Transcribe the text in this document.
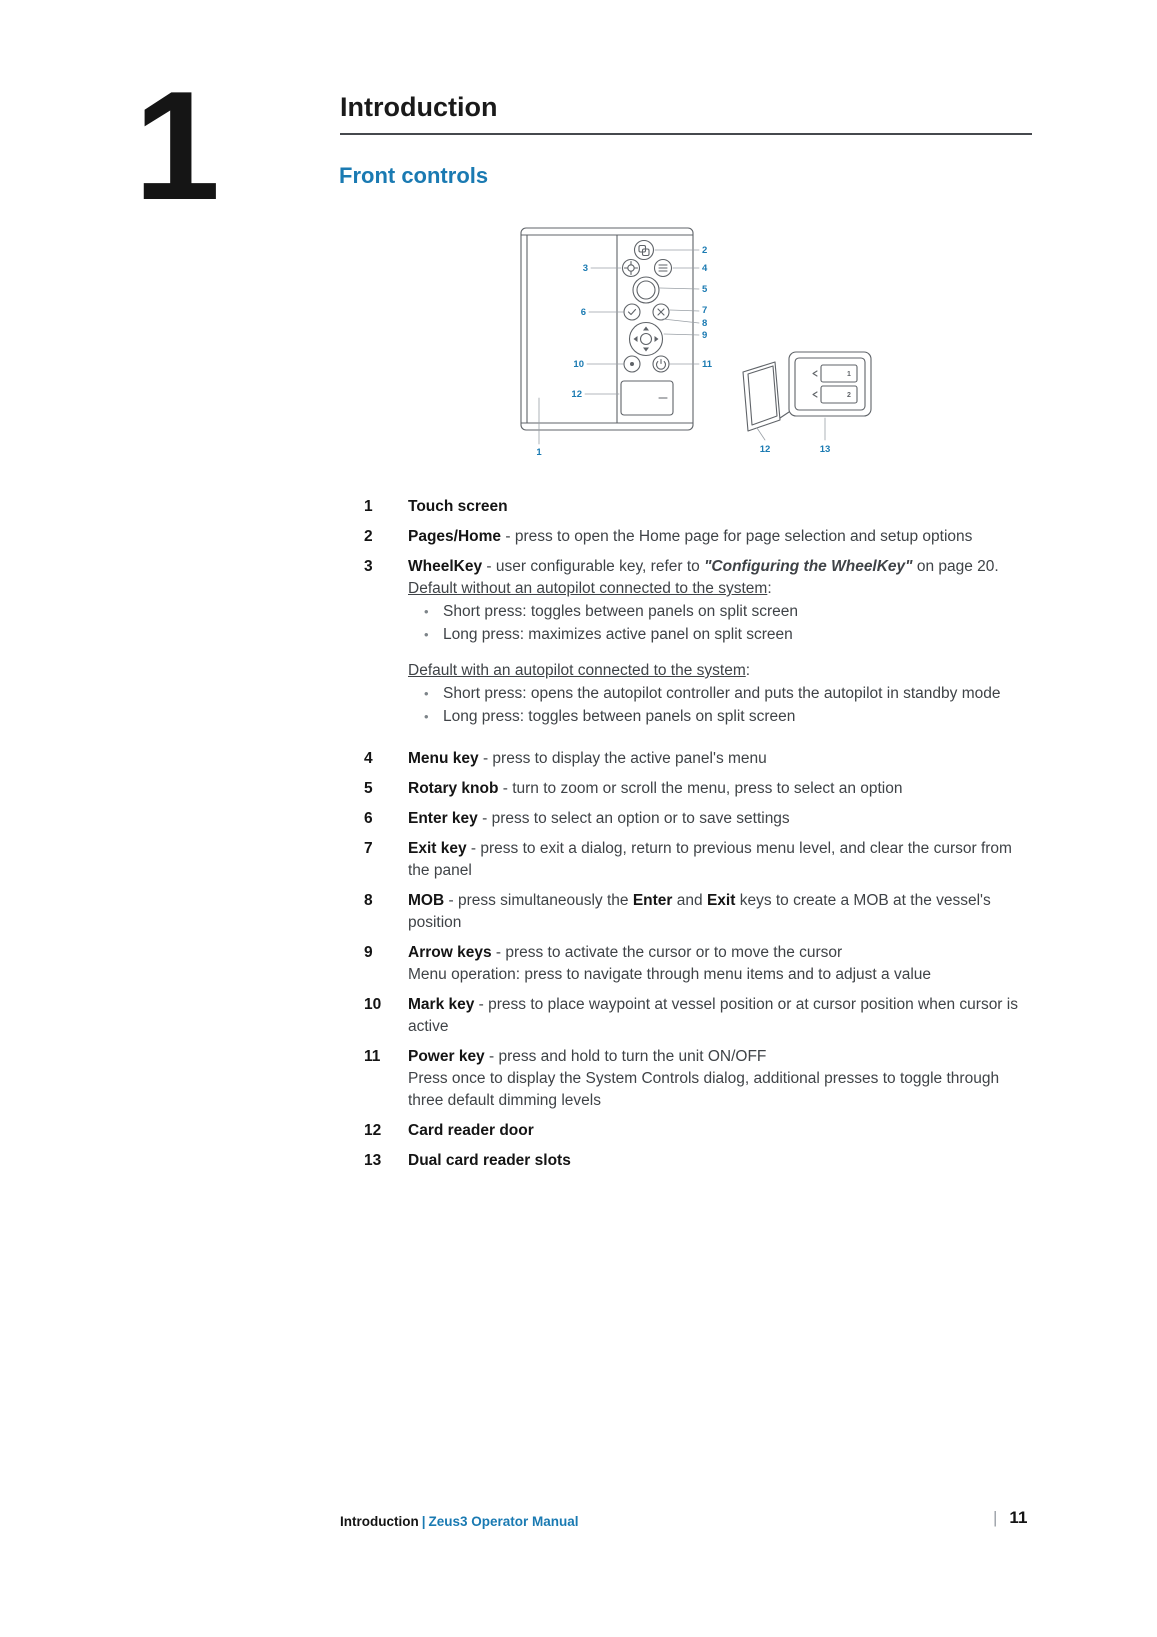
1	Introduction
Front controls
2
3	4
5
6	7
8
9
10	11
12
1	12	13
1
2
1	Touch screen
2	Pages/Home - press to open the Home page for page selection and setup options
3	WheelKey - user configurable key, refer to "Configuring the WheelKey" on page 20.
Default without an autopilot connected to the system:
• Short press: toggles between panels on split screen
• Long press: maximizes active panel on split screen
Default with an autopilot connected to the system:
• Short press: opens the autopilot controller and puts the autopilot in standby mode
• Long press: toggles between panels on split screen
4	Menu key - press to display the active panel's menu
5	Rotary knob - turn to zoom or scroll the menu, press to select an option
6	Enter key - press to select an option or to save settings
7	Exit key - press to exit a dialog, return to previous menu level, and clear the cursor from the panel
8	MOB - press simultaneously the Enter and Exit keys to create a MOB at the vessel's position
9	Arrow keys - press to activate the cursor or to move the cursor
Menu operation: press to navigate through menu items and to adjust a value
10	Mark key - press to place waypoint at vessel position or at cursor position when cursor is active
11	Power key - press and hold to turn the unit ON/OFF
Press once to display the System Controls dialog, additional presses to toggle through three default dimming levels
12	Card reader door
13	Dual card reader slots
Introduction | Zeus3 Operator Manual	| 11
